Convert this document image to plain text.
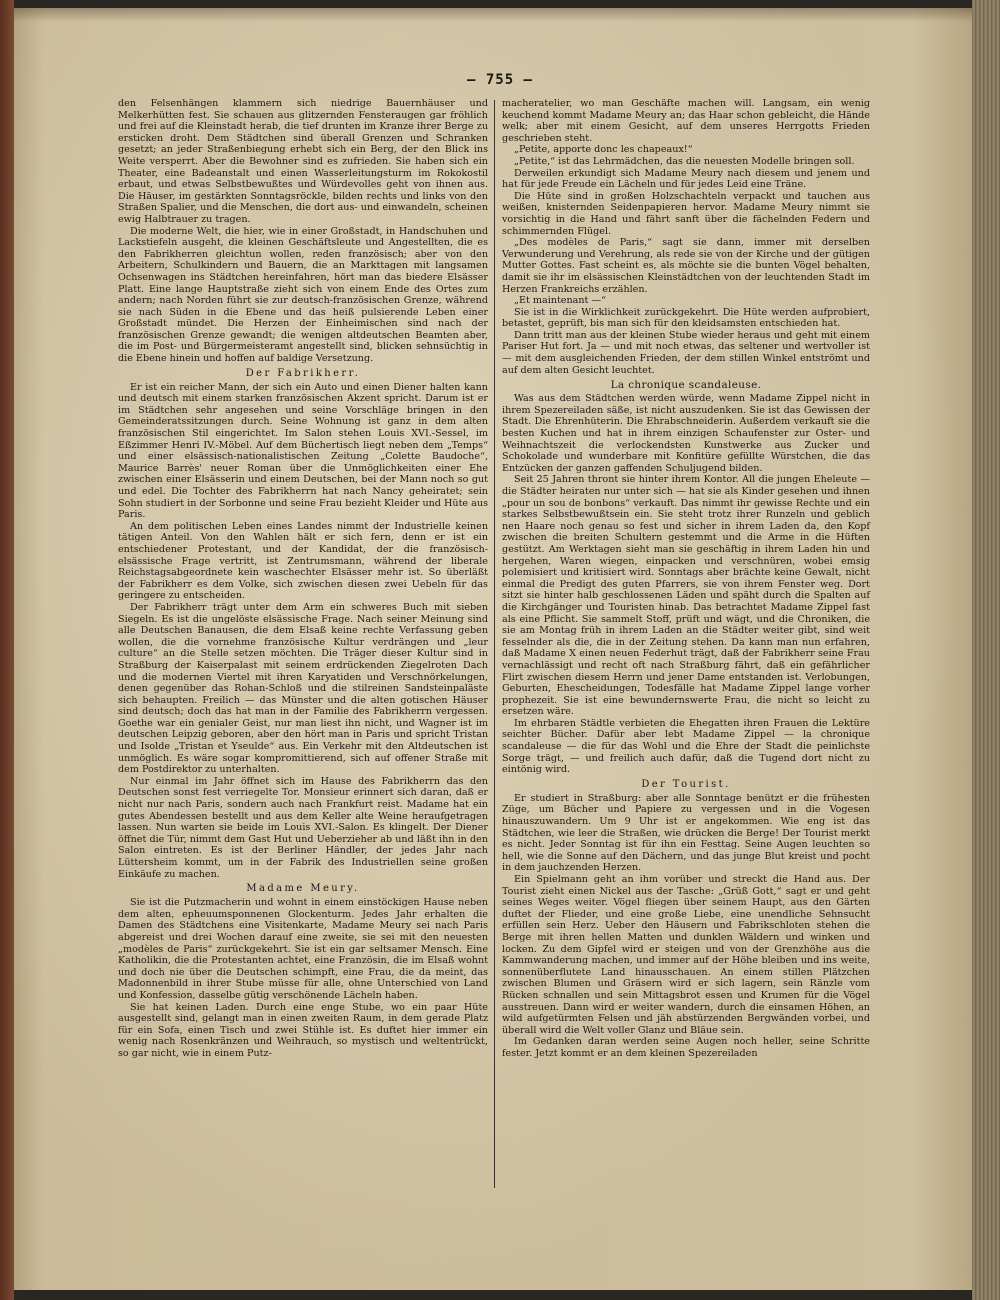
— 755 —

den Felsenhängen klammern sich niedrige Bauernhäuser und Melkerhütten fest. Sie schauen aus glitzernden Fensteraugen gar fröhlich und frei auf die Kleinstadt herab, die tief drunten im Kranze ihrer Berge zu ersticken droht. Dem Städtchen sind überall Grenzen und Schranken gesetzt; an jeder Straßenbiegung erhebt sich ein Berg, der den Blick ins Weite versperrt. Aber die Bewohner sind es zufrieden. Sie haben sich ein Theater, eine Badeanstalt und einen Wasserleitungsturm im Rokokostil erbaut, und etwas Selbstbewußtes und Würdevolles geht von ihnen aus. Die Häuser, im gestärkten Sonntagsröckle, bilden rechts und links von den Straßen Spalier, und die Menschen, die dort aus- und einwandeln, scheinen ewig Halbtrauer zu tragen.

Die moderne Welt, die hier, wie in einer Großstadt, in Handschuhen und Lackstiefeln ausgeht, die kleinen Geschäftsleute und Angestellten, die es den Fabrikherren gleichtun wollen, reden französisch; aber von den Arbeitern, Schulkindern und Bauern, die an Markttagen mit langsamen Ochsenwagen ins Städtchen hereinfahren, hört man das biedere Elsässer Platt. Eine lange Hauptstraße zieht sich von einem Ende des Ortes zum andern; nach Norden führt sie zur deutsch-französischen Grenze, während sie nach Süden in die Ebene und das heiß pulsierende Leben einer Großstadt mündet. Die Herzen der Einheimischen sind nach der französischen Grenze gewandt; die wenigen altdeutschen Beamten aber, die im Post- und Bürgermeisteramt angestellt sind, blicken sehnsüchtig in die Ebene hinein und hoffen auf baldige Versetzung.

Der Fabrikherr.

Er ist ein reicher Mann, der sich ein Auto und einen Diener halten kann und deutsch mit einem starken französischen Akzent spricht. Darum ist er im Städtchen sehr angesehen und seine Vorschläge bringen in den Gemeinderatssitzungen durch. Seine Wohnung ist ganz in dem alten französischen Stil eingerichtet. Im Salon stehen Louis XVI.-Sessel, im Eßzimmer Henri IV.-Möbel. Auf dem Büchertisch liegt neben dem „Temps“ und einer elsässisch-nationalistischen Zeitung „Colette Baudoche“, Maurice Barrès' neuer Roman über die Unmöglichkeiten einer Ehe zwischen einer Elsässerin und einem Deutschen, bei der Mann noch so gut und edel. Die Tochter des Fabrikherrn hat nach Nancy geheiratet; sein Sohn studiert in der Sorbonne und seine Frau bezieht Kleider und Hüte aus Paris.

An dem politischen Leben eines Landes nimmt der Industrielle keinen tätigen Anteil. Von den Wahlen hält er sich fern, denn er ist ein entschiedener Protestant, und der Kandidat, der die französisch-elsässische Frage vertritt, ist Zentrumsmann, während der liberale Reichstagsabgeordnete kein waschechter Elsässer mehr ist. So überläßt der Fabrikherr es dem Volke, sich zwischen diesen zwei Uebeln für das geringere zu entscheiden.

Der Fabrikherr trägt unter dem Arm ein schweres Buch mit sieben Siegeln. Es ist die ungelöste elsässische Frage. Nach seiner Meinung sind alle Deutschen Banausen, die dem Elsaß keine rechte Verfassung geben wollen, die die vornehme französische Kultur verdrängen und „leur culture“ an die Stelle setzen möchten. Die Träger dieser Kultur sind in Straßburg der Kaiserpalast mit seinem erdrückenden Ziegelroten Dach und die modernen Viertel mit ihren Karyatiden und Verschnörkelungen, denen gegenüber das Rohan-Schloß und die stilreinen Sandsteinpaläste sich behaupten. Freilich — das Münster und die alten gotischen Häuser sind deutsch; doch das hat man in der Familie des Fabrikherrn vergessen. Goethe war ein genialer Geist, nur man liest ihn nicht, und Wagner ist im deutschen Leipzig geboren, aber den hört man in Paris und spricht Tristan und Isolde „Tristan et Yseulde“ aus. Ein Verkehr mit den Altdeutschen ist unmöglich. Es wäre sogar kompromittierend, sich auf offener Straße mit dem Postdirektor zu unterhalten.

Nur einmal im Jahr öffnet sich im Hause des Fabrikherrn das den Deutschen sonst fest verriegelte Tor. Monsieur erinnert sich daran, daß er nicht nur nach Paris, sondern auch nach Frankfurt reist. Madame hat ein gutes Abendessen bestellt und aus dem Keller alte Weine heraufgetragen lassen. Nun warten sie beide im Louis XVI.-Salon. Es klingelt. Der Diener öffnet die Tür, nimmt dem Gast Hut und Ueberzieher ab und läßt ihn in den Salon eintreten. Es ist der Berliner Händler, der jedes Jahr nach Lüttersheim kommt, um in der Fabrik des Industriellen seine großen Einkäufe zu machen.

Madame Meury.

Sie ist die Putzmacherin und wohnt in einem einstöckigen Hause neben dem alten, epheuumsponnenen Glockenturm. Jedes Jahr erhalten die Damen des Städtchens eine Visitenkarte, Madame Meury sei nach Paris abgereist und drei Wochen darauf eine zweite, sie sei mit den neuesten „modèles de Paris“ zurückgekehrt. Sie ist ein gar seltsamer Mensch. Eine Katholikin, die die Protestanten achtet, eine Französin, die im Elsaß wohnt und doch nie über die Deutschen schimpft, eine Frau, die da meint, das Madonnenbild in ihrer Stube müsse für alle, ohne Unterschied von Land und Konfession, dasselbe gütig verschönende Lächeln haben.

Sie hat keinen Laden. Durch eine enge Stube, wo ein paar Hüte ausgestellt sind, gelangt man in einen zweiten Raum, in dem gerade Platz für ein Sofa, einen Tisch und zwei Stühle ist. Es duftet hier immer ein wenig nach Rosenkränzen und Weihrauch, so mystisch und weltentrückt, so gar nicht, wie in einem Putz-

macheratelier, wo man Geschäfte machen will. Langsam, ein wenig keuchend kommt Madame Meury an; das Haar schon gebleicht, die Hände welk; aber mit einem Gesicht, auf dem unseres Herrgotts Frieden geschrieben steht.

„Petite, apporte donc les chapeaux!“

„Petite,“ ist das Lehrmädchen, das die neuesten Modelle bringen soll.

Derweilen erkundigt sich Madame Meury nach diesem und jenem und hat für jede Freude ein Lächeln und für jedes Leid eine Träne.

Die Hüte sind in großen Holzschachteln verpackt und tauchen aus weißen, knisternden Seidenpapieren hervor. Madame Meury nimmt sie vorsichtig in die Hand und fährt sanft über die fächelnden Federn und schimmernden Flügel.

„Des modèles de Paris,“ sagt sie dann, immer mit derselben Verwunderung und Verehrung, als rede sie von der Kirche und der gütigen Mutter Gottes. Fast scheint es, als möchte sie die bunten Vögel behalten, damit sie ihr im elsässischen Kleinstädtchen von der leuchtenden Stadt im Herzen Frankreichs erzählen.

„Et maintenant —“

Sie ist in die Wirklichkeit zurückgekehrt. Die Hüte werden aufprobiert, betastet, geprüft, bis man sich für den kleidsamsten entschieden hat.

Dann tritt man aus der kleinen Stube wieder heraus und geht mit einem Pariser Hut fort. Ja — und mit noch etwas, das seltener und wertvoller ist — mit dem ausgleichenden Frieden, der dem stillen Winkel entströmt und auf dem alten Gesicht leuchtet.

La chronique scandaleuse.

Was aus dem Städtchen werden würde, wenn Madame Zippel nicht in ihrem Spezereiladen säße, ist nicht auszudenken. Sie ist das Gewissen der Stadt. Die Ehrenhüterin. Die Ehrabschneiderin. Außerdem verkauft sie die besten Kuchen und hat in ihrem einzigen Schaufenster zur Oster- und Weihnachtszeit die verlockendsten Kunstwerke aus Zucker und Schokolade und wunderbare mit Konfitüre gefüllte Würstchen, die das Entzücken der ganzen gaffenden Schuljugend bilden.

Seit 25 Jahren thront sie hinter ihrem Kontor. All die jungen Eheleute — die Städter heiraten nur unter sich — hat sie als Kinder gesehen und ihnen „pour un sou de bonbons“ verkauft. Das nimmt ihr gewisse Rechte und ein starkes Selbstbewußtsein ein. Sie steht trotz ihrer Runzeln und geblich nen Haare noch genau so fest und sicher in ihrem Laden da, den Kopf zwischen die breiten Schultern gestemmt und die Arme in die Hüften gestützt. Am Werktagen sieht man sie geschäftig in ihrem Laden hin und hergehen, Waren wiegen, einpacken und verschnüren, wobei emsig polemisiert und kritisiert wird. Sonntags aber brächte keine Gewalt, nicht einmal die Predigt des guten Pfarrers, sie von ihrem Fenster weg. Dort sitzt sie hinter halb geschlossenen Läden und späht durch die Spalten auf die Kirchgänger und Touristen hinab. Das betrachtet Madame Zippel fast als eine Pflicht. Sie sammelt Stoff, prüft und wägt, und die Chroniken, die sie am Montag früh in ihrem Laden an die Städter weiter gibt, sind weit fesselnder als die, die in der Zeitung stehen. Da kann man nun erfahren, daß Madame X einen neuen Federhut trägt, daß der Fabrikherr seine Frau vernachlässigt und recht oft nach Straßburg fährt, daß ein gefährlicher Flirt zwischen diesem Herrn und jener Dame entstanden ist. Verlobungen, Geburten, Ehescheidungen, Todesfälle hat Madame Zippel lange vorher prophezeit. Sie ist eine bewundernswerte Frau, die nicht so leicht zu ersetzen wäre.

Im ehrbaren Städtle verbieten die Ehegatten ihren Frauen die Lektüre seichter Bücher. Dafür aber lebt Madame Zippel — la chronique scandaleuse — die für das Wohl und die Ehre der Stadt die peinlichste Sorge trägt, — und freilich auch dafür, daß die Tugend dort nicht zu eintönig wird.

Der Tourist.

Er studiert in Straßburg: aber alle Sonntage benützt er die frühesten Züge, um Bücher und Papiere zu vergessen und in die Vogesen hinauszuwandern. Um 9 Uhr ist er angekommen. Wie eng ist das Städtchen, wie leer die Straßen, wie drücken die Berge! Der Tourist merkt es nicht. Jeder Sonntag ist für ihn ein Festtag. Seine Augen leuchten so hell, wie die Sonne auf den Dächern, und das junge Blut kreist und pocht in dem jauchzenden Herzen.

Ein Spielmann geht an ihm vorüber und streckt die Hand aus. Der Tourist zieht einen Nickel aus der Tasche: „Grüß Gott,“ sagt er und geht seines Weges weiter. Vögel fliegen über seinem Haupt, aus den Gärten duftet der Flieder, und eine große Liebe, eine unendliche Sehnsucht erfüllen sein Herz. Ueber den Häusern und Fabrikschloten stehen die Berge mit ihren hellen Matten und dunklen Wäldern und winken und locken. Zu dem Gipfel wird er steigen und von der Grenzhöhe aus die Kammwanderung machen, und immer auf der Höhe bleiben und ins weite, sonnenüberflutete Land hinausschauen. An einem stillen Plätzchen zwischen Blumen und Gräsern wird er sich lagern, sein Ränzle vom Rücken schnallen und sein Mittagsbrot essen und Krumen für die Vögel ausstreuen. Dann wird er weiter wandern, durch die einsamen Höhen, an wild aufgetürmten Felsen und jäh abstürzenden Bergwänden vorbei, und überall wird die Welt voller Glanz und Bläue sein.

Im Gedanken daran werden seine Augen noch heller, seine Schritte fester. Jetzt kommt er an dem kleinen Spezereiladen
